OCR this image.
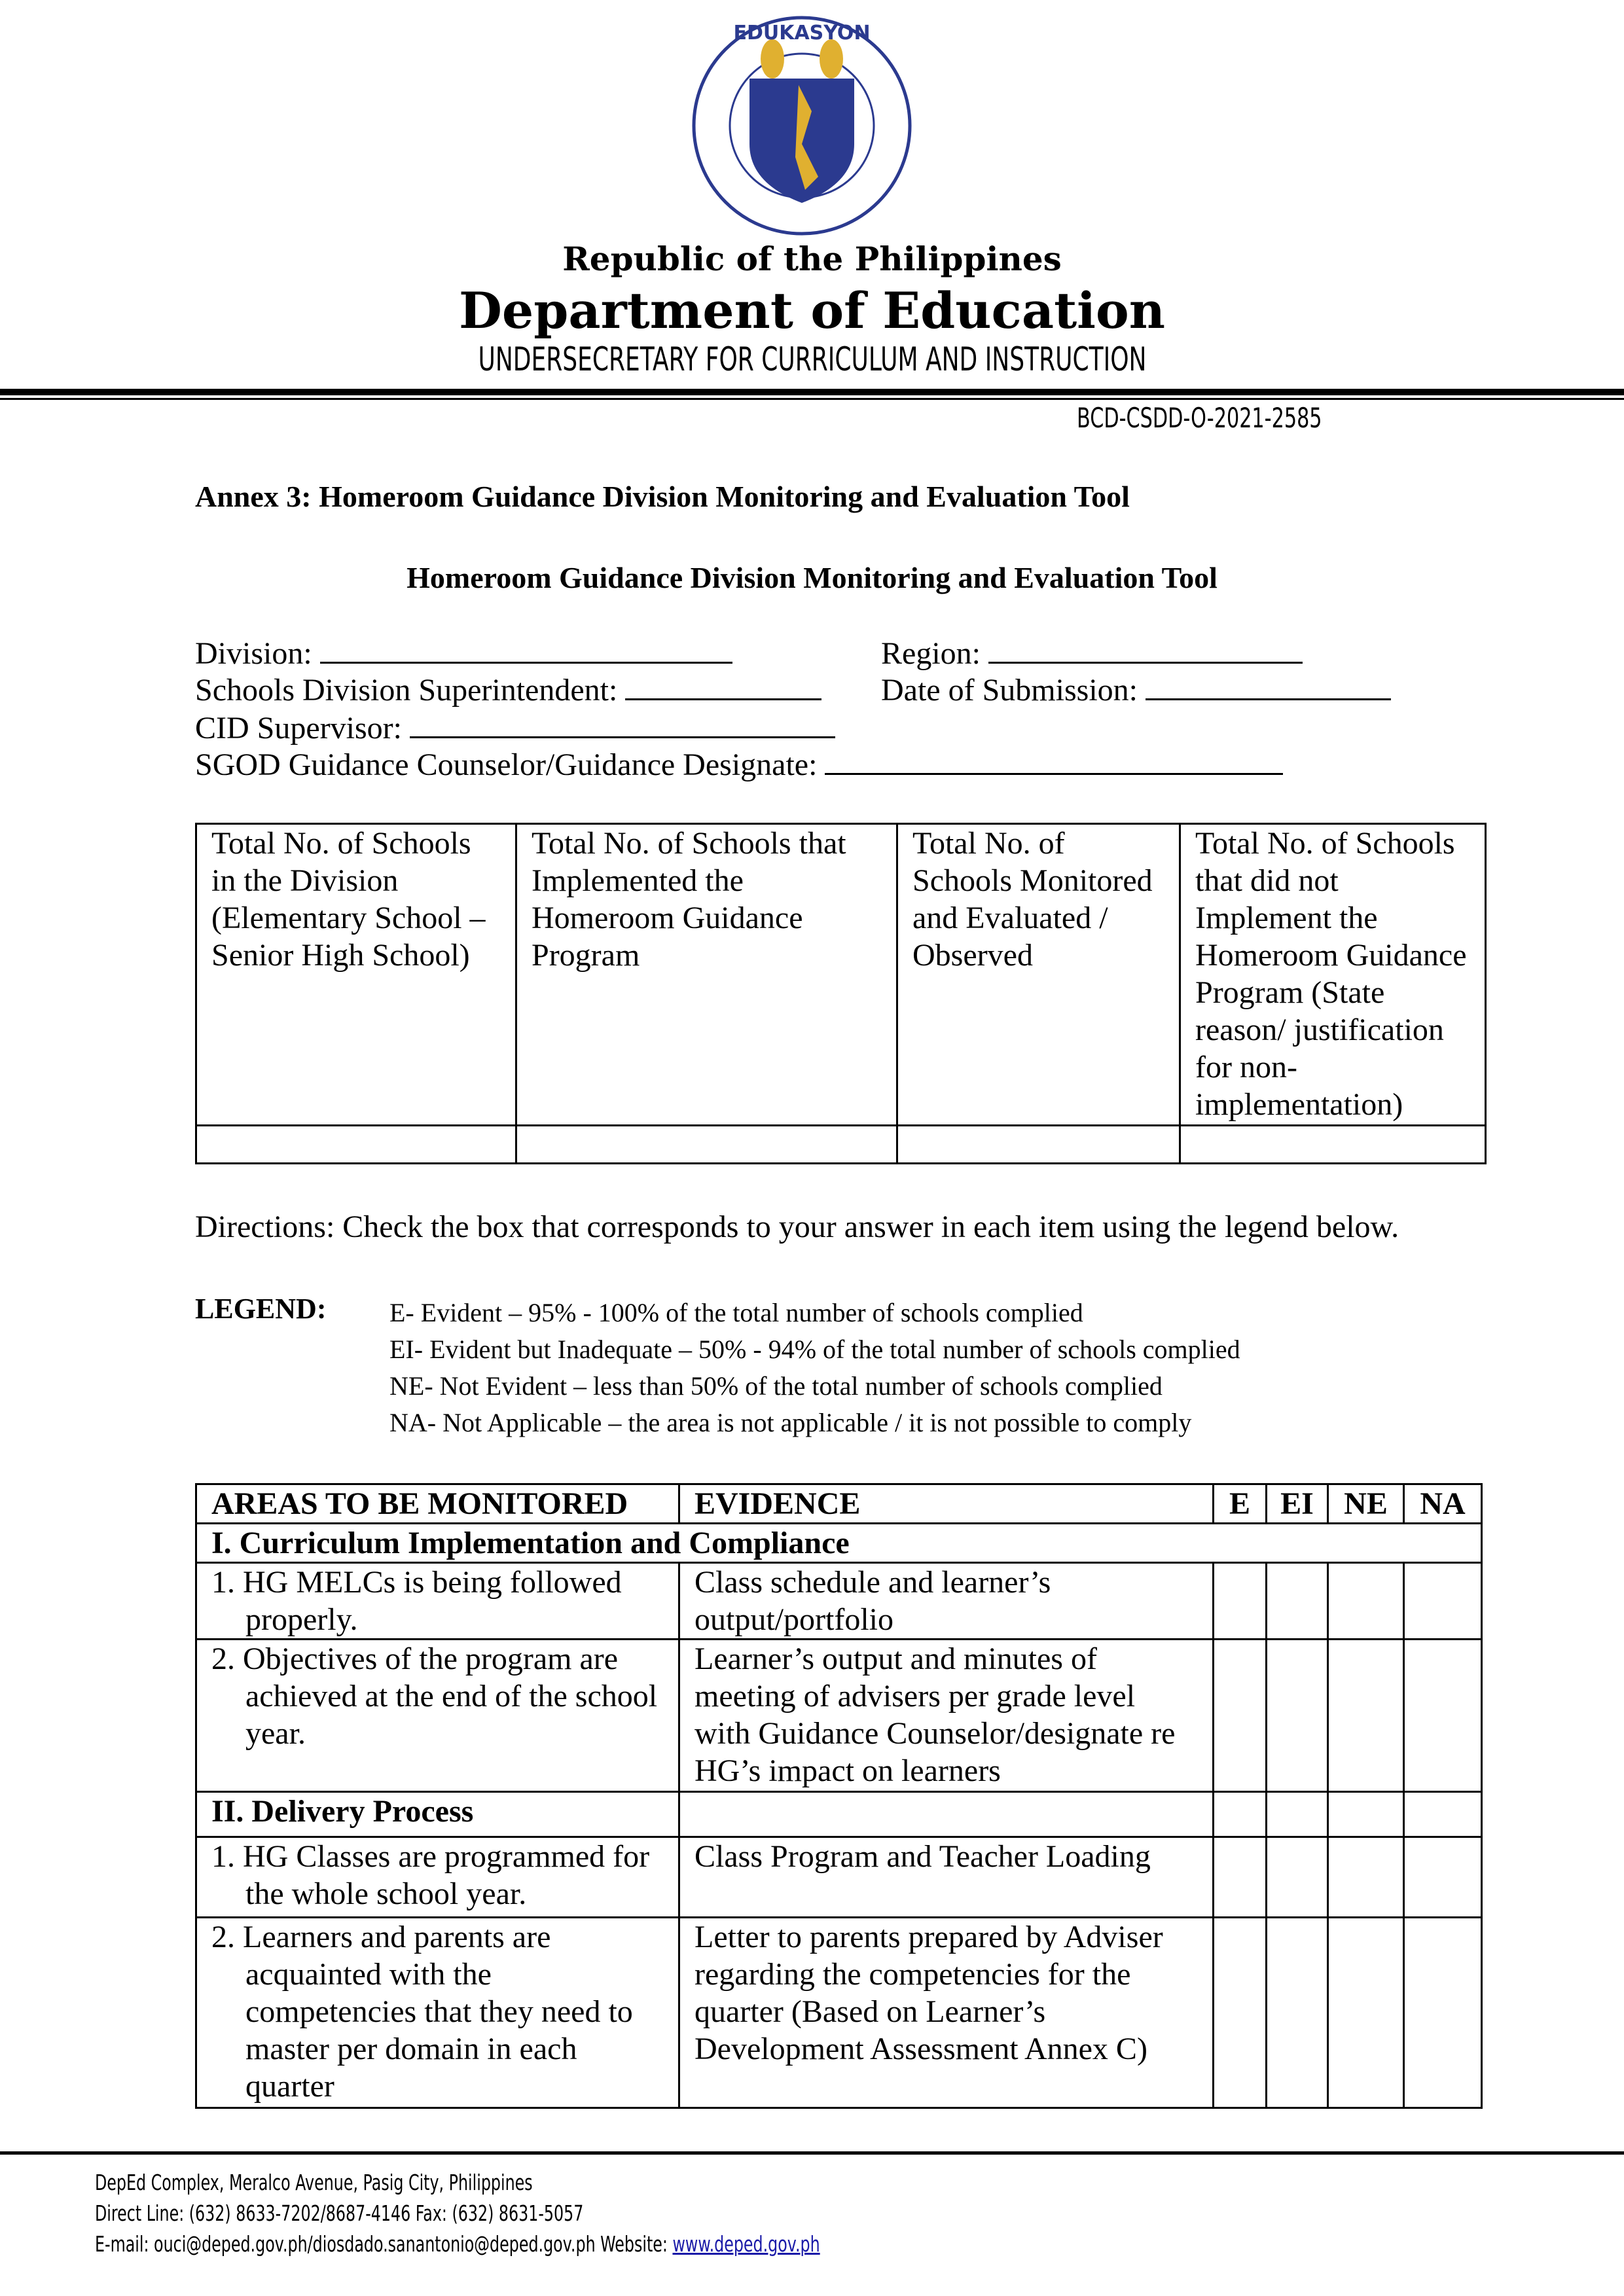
EDUKASYON
Republic of the Philippines
Department of Education
UNDERSECRETARY FOR CURRICULUM AND INSTRUCTION
BCD-CSDD-O-2021-2585
Annex 3: Homeroom Guidance Division Monitoring and Evaluation Tool
Homeroom Guidance Division Monitoring and Evaluation Tool
Division:	Region:
Schools Division Superintendent:	Date of Submission:
CID Supervisor:
SGOD Guidance Counselor/Guidance Designate:
Total No. of Schools in the Division (Elementary School – Senior High School)	Total No. of Schools that Implemented the Homeroom Guidance Program	Total No. of Schools Monitored and Evaluated / Observed	Total No. of Schools that did not Implement the Homeroom Guidance Program (State reason/ justification for non-implementation)

Directions: Check the box that corresponds to your answer in each item using the legend below.
LEGEND: E- Evident – 95% - 100% of the total number of schools complied
EI- Evident but Inadequate – 50% - 94% of the total number of schools complied
NE- Not Evident – less than 50% of the total number of schools complied
NA- Not Applicable – the area is not applicable / it is not possible to comply
AREAS TO BE MONITORED	EVIDENCE	E	EI	NE	NA
I. Curriculum Implementation and Compliance					
1. HG MELCs is being followed properly.	Class schedule and learner’s output/portfolio				
2. Objectives of the program are achieved at the end of the school year.	Learner’s output and minutes of meeting of advisers per grade level with Guidance Counselor/designate re HG’s impact on learners				
II. Delivery Process					
1. HG Classes are programmed for the whole school year.	Class Program and Teacher Loading				
2. Learners and parents are acquainted with the competencies that they need to master per domain in each quarter	Letter to parents prepared by Adviser regarding the competencies for the quarter (Based on Learner’s Development Assessment Annex C)				
DepEd Complex, Meralco Avenue, Pasig City, Philippines
Direct Line: (632) 8633-7202/8687-4146 Fax: (632) 8631-5057
E-mail: ouci@deped.gov.ph/diosdado.sanantonio@deped.gov.ph Website: www.deped.gov.ph
